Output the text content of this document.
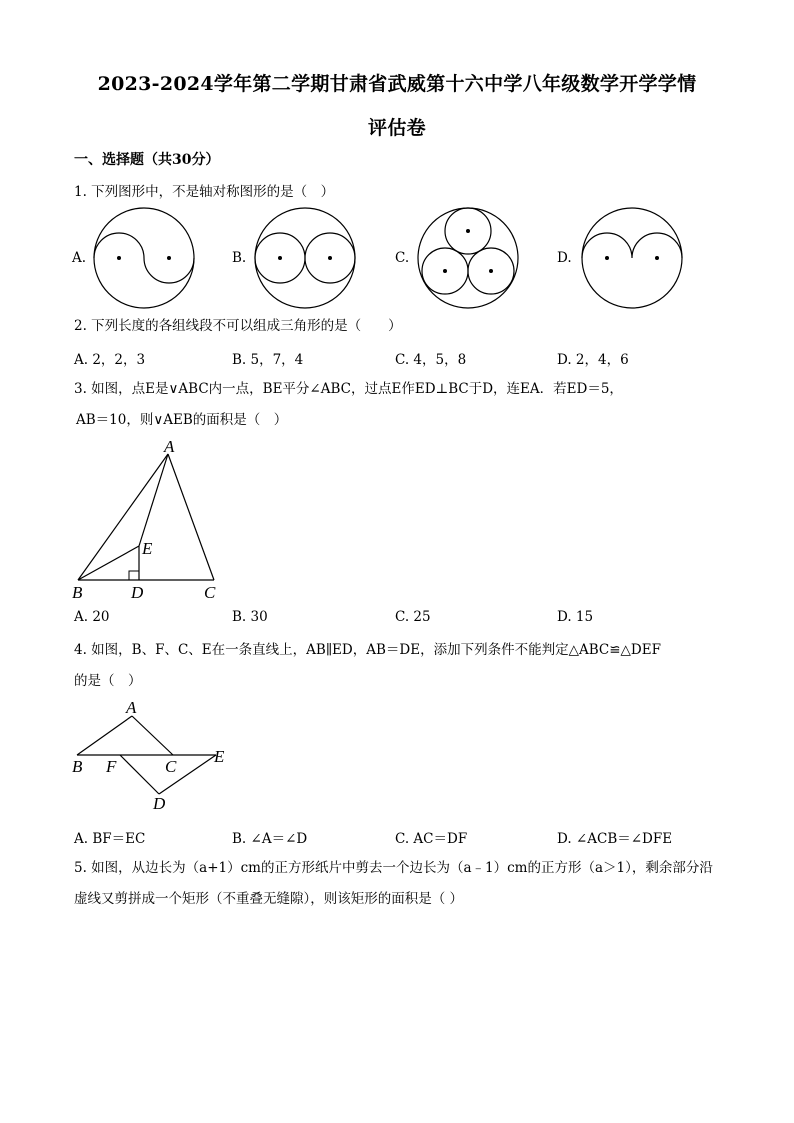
2023-2024学年第二学期甘肃省武威第十六中学八年级数学开学学情
评估卷
一、选择题（共30分）
1. 下列图形中，不是轴对称图形的是（　）
A.	B.	C.	D.
2. 下列长度的各组线段不可以组成三角形的是（　　）
A. 2，2，3	B. 5，7，4	C. 4，5，8	D. 2，4，6
3. 如图，点E是∨ABC内一点，BE平分∠ABC，过点E作ED⊥BC于D，连EA．若ED＝5，
AB＝10，则∨AEB的面积是（　）
A
E
B	D	C
A. 20	B. 30	C. 25	D. 15
4. 如图，B、F、C、E在一条直线上，AB∥ED，AB＝DE，添加下列条件不能判定△ABC≌△DEF
的是（　）
A
B F	C
E
D
A. BF＝EC	B. ∠A＝∠D	C. AC＝DF	D. ∠ACB＝∠DFE
5. 如图，从边长为（a+1）cm的正方形纸片中剪去一个边长为（a﹣1）cm的正方形（a＞1），剩余部分沿
虚线又剪拼成一个矩形（不重叠无缝隙），则该矩形的面积是（ ）
